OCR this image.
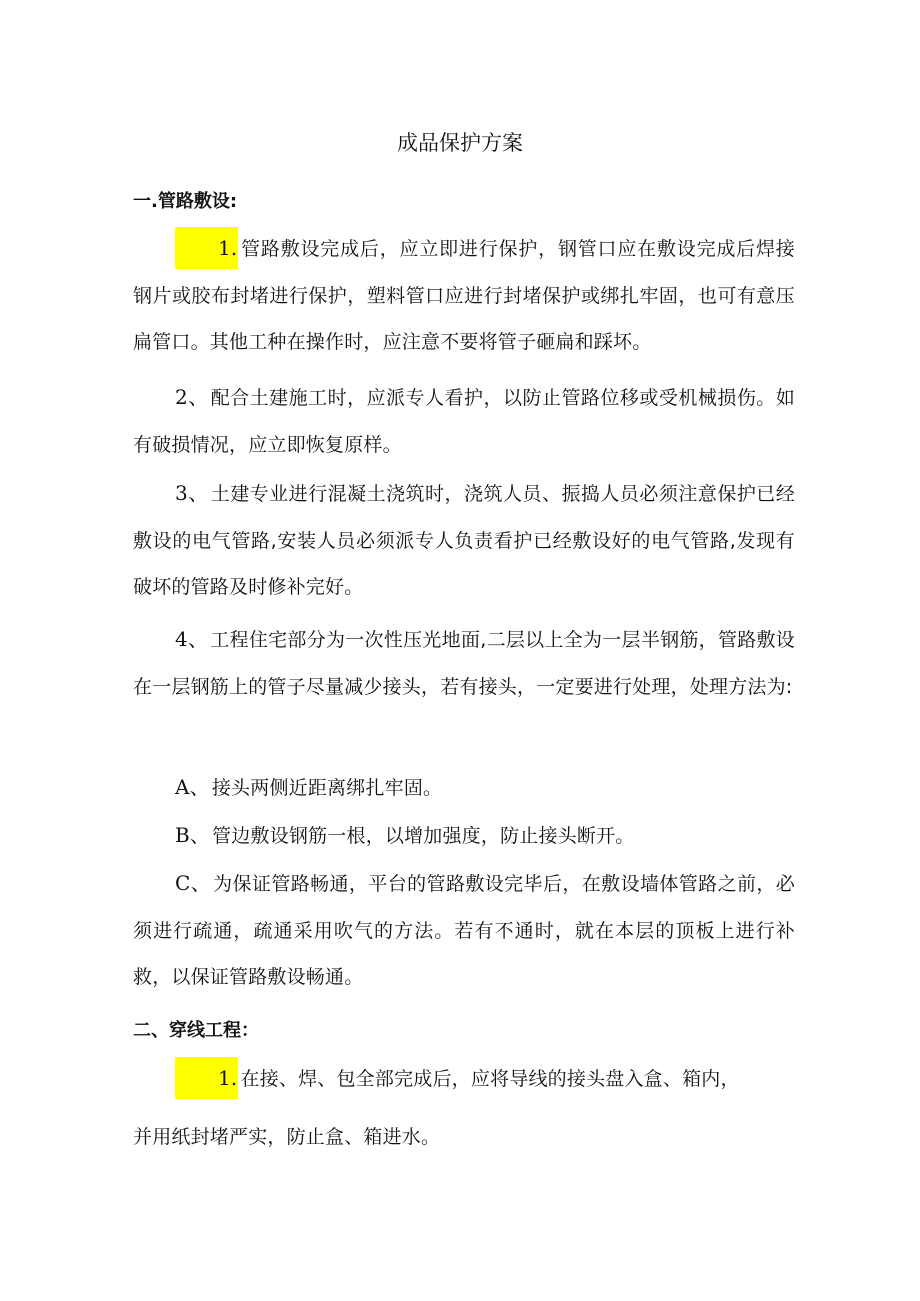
成品保护方案
一.管路敷设:
1. 管路敷设完成后，应立即进行保护，钢管口应在敷设完成后焊接钢片或胶布封堵进行保护，塑料管口应进行封堵保护或绑扎牢固，也可有意压扁管口。其他工种在操作时，应注意不要将管子砸扁和踩坏。
2、 配合土建施工时，应派专人看护，以防止管路位移或受机械损伤。如有破损情况，应立即恢复原样。
3、 土建专业进行混凝土浇筑时，浇筑人员、振捣人员必须注意保护已经敷设的电气管路,安装人员必须派专人负责看护已经敷设好的电气管路,发现有破坏的管路及时修补完好。
4、 工程住宅部分为一次性压光地面,二层以上全为一层半钢筋，管路敷设在一层钢筋上的管子尽量减少接头，若有接头，一定要进行处理，处理方法为:
A、 接头两侧近距离绑扎牢固。
B、 管边敷设钢筋一根，以增加强度，防止接头断开。
C、 为保证管路畅通，平台的管路敷设完毕后，在敷设墙体管路之前，必须进行疏通，疏通采用吹气的方法。若有不通时，就在本层的顶板上进行补救，以保证管路敷设畅通。
二、穿线工程：
1. 在接、焊、包全部完成后，应将导线的接头盘入盒、箱内，
并用纸封堵严实，防止盒、箱进水。
